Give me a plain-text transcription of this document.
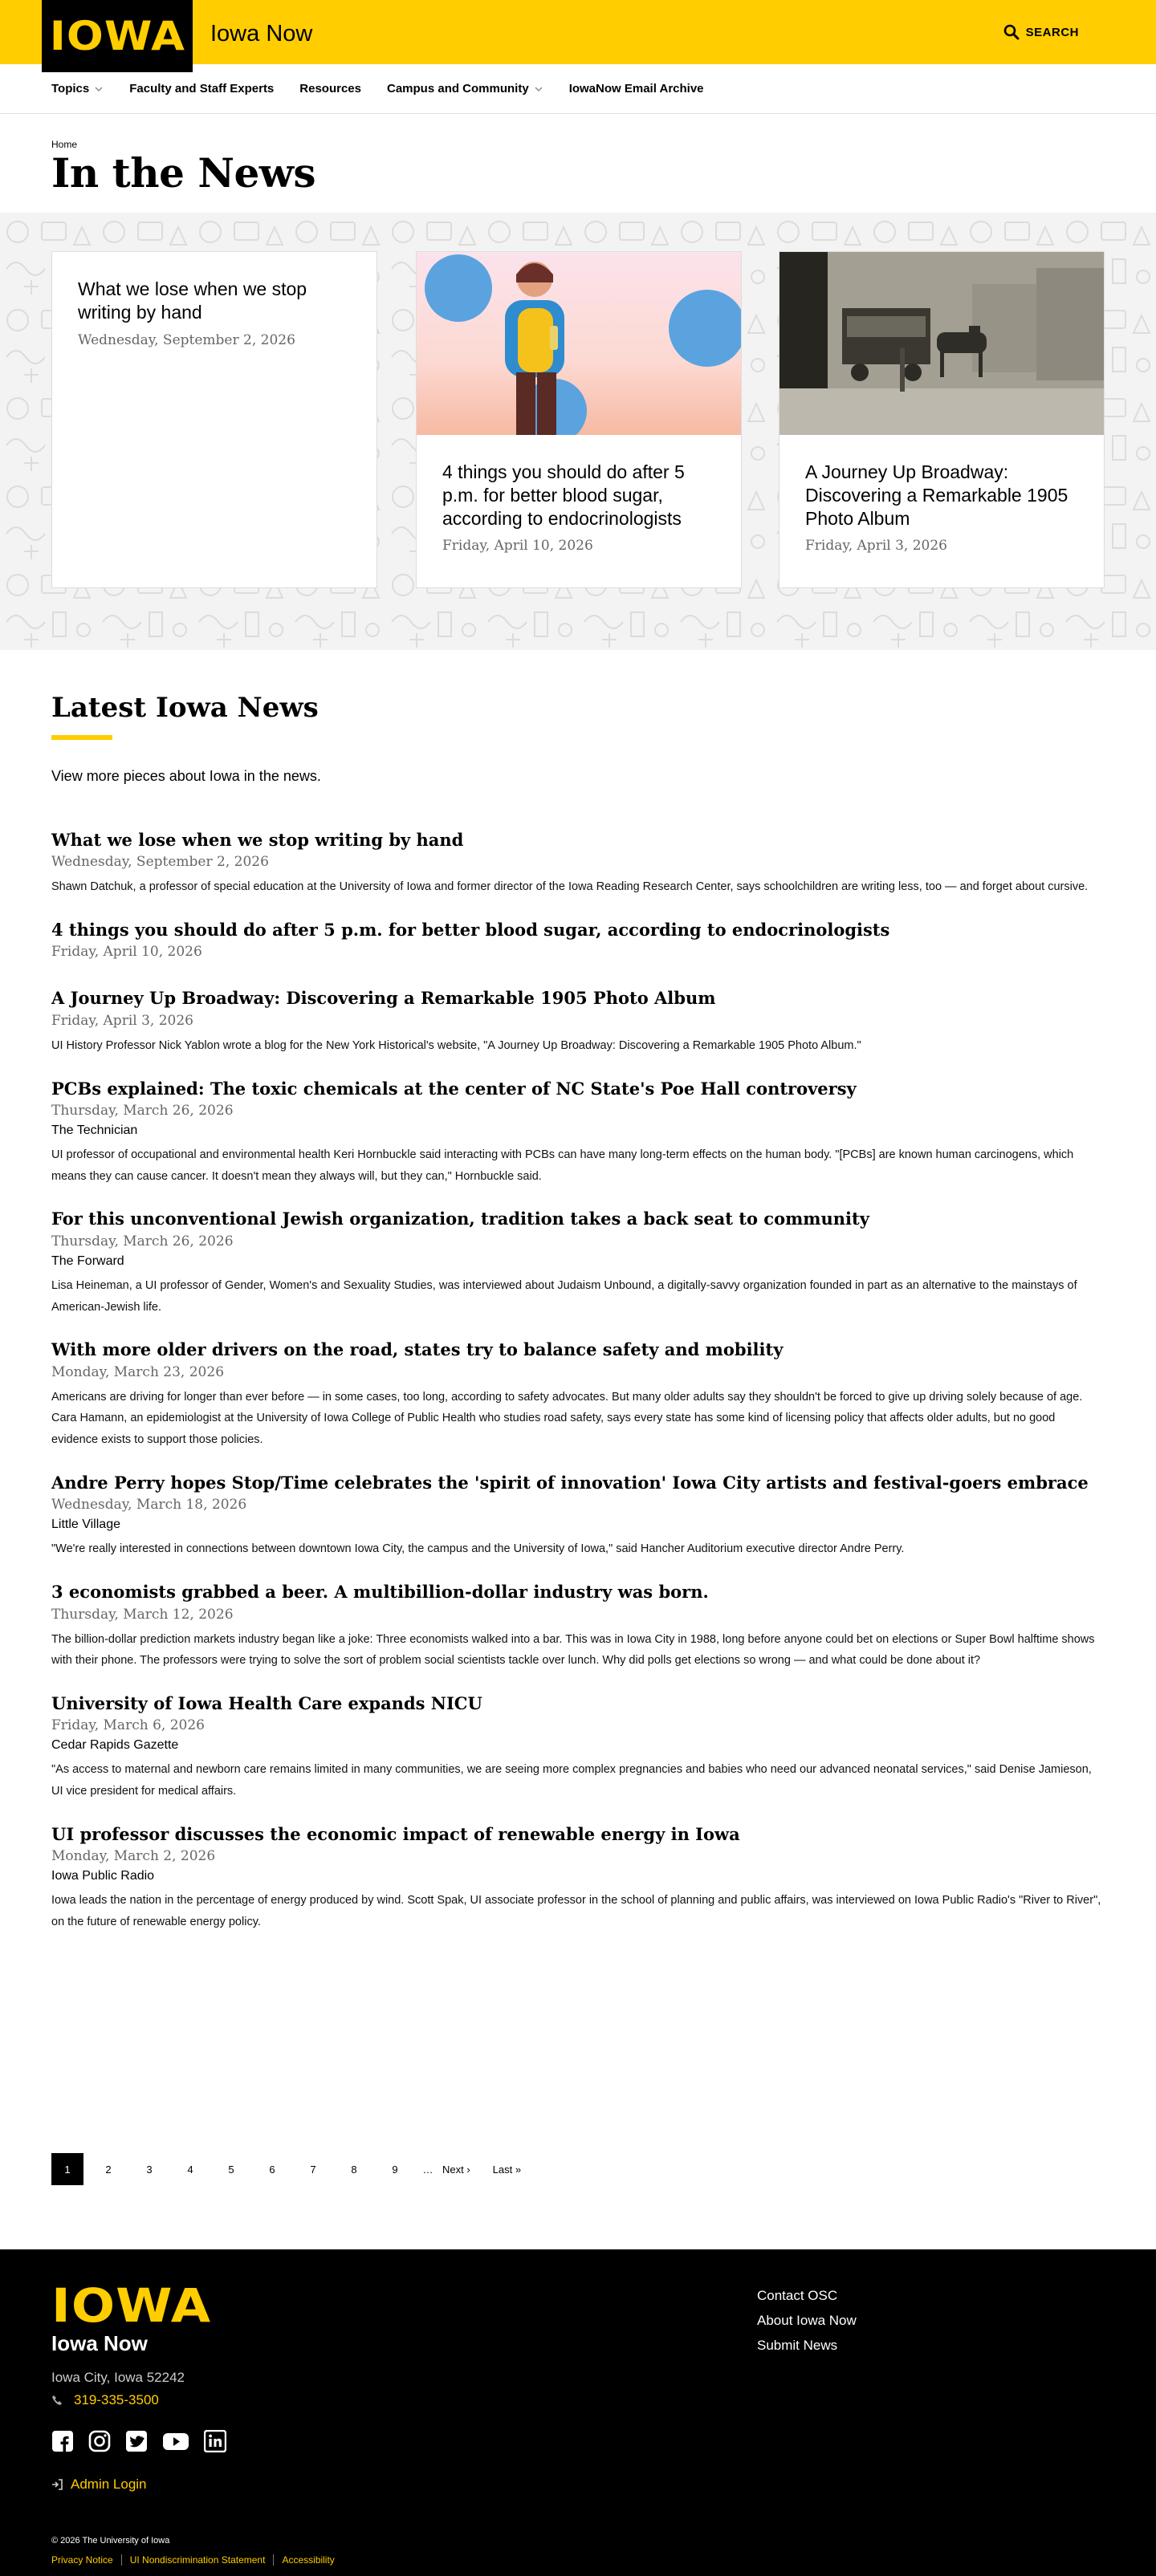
IOWA Iowa Now	SEARCH
Topics	Faculty and Staff Experts Resources Campus and Community	IowaNow Email Archive
Home
In the News
What we lose when we stop writing by hand
Wednesday, September 2, 2026
4 things you should do after 5 p.m. for better blood sugar, according to endocrinologists
Friday, April 10, 2026
A Journey Up Broadway: Discovering a Remarkable 1905 Photo Album
Friday, April 3, 2026
Latest Iowa News
View more pieces about Iowa in the news.
What we lose when we stop writing by hand
Wednesday, September 2, 2026

Shawn Datchuk, a professor of special education at the University of Iowa and former director of the Iowa Reading Research Center, says schoolchildren are writing less, too — and forget about cursive.

4 things you should do after 5 p.m. for better blood sugar, according to endocrinologists
Friday, April 10, 2026
A Journey Up Broadway: Discovering a Remarkable 1905 Photo Album
Friday, April 3, 2026

UI History Professor Nick Yablon wrote a blog for the New York Historical's website, "A Journey Up Broadway: Discovering a Remarkable 1905 Photo Album."

PCBs explained: The toxic chemicals at the center of NC State's Poe Hall controversy
Thursday, March 26, 2026
The Technician

UI professor of occupational and environmental health Keri Hornbuckle said interacting with PCBs can have many long-term effects on the human body. "[PCBs] are known human carcinogens, which means they can cause cancer. It doesn't mean they always will, but they can," Hornbuckle said.

For this unconventional Jewish organization, tradition takes a back seat to community
Thursday, March 26, 2026
The Forward

Lisa Heineman, a UI professor of Gender, Women's and Sexuality Studies, was interviewed about Judaism Unbound, a digitally-savvy organization founded in part as an alternative to the mainstays of American-Jewish life.

With more older drivers on the road, states try to balance safety and mobility
Monday, March 23, 2026

Americans are driving for longer than ever before — in some cases, too long, according to safety advocates. But many older adults say they shouldn't be forced to give up driving solely because of age. Cara Hamann, an epidemiologist at the University of Iowa College of Public Health who studies road safety, says every state has some kind of licensing policy that affects older adults, but no good evidence exists to support those policies.

Andre Perry hopes Stop/Time celebrates the 'spirit of innovation' Iowa City artists and festival-goers embrace
Wednesday, March 18, 2026
Little Village

"We're really interested in connections between downtown Iowa City, the campus and the University of Iowa," said Hancher Auditorium executive director Andre Perry.

3 economists grabbed a beer. A multibillion-dollar industry was born.
Thursday, March 12, 2026

The billion-dollar prediction markets industry began like a joke: Three economists walked into a bar. This was in Iowa City in 1988, long before anyone could bet on elections or Super Bowl halftime shows with their phone. The professors were trying to solve the sort of problem social scientists tackle over lunch. Why did polls get elections so wrong — and what could be done about it?

University of Iowa Health Care expands NICU
Friday, March 6, 2026
Cedar Rapids Gazette

"As access to maternal and newborn care remains limited in many communities, we are seeing more complex pregnancies and babies who need our advanced neonatal services," said Denise Jamieson, UI vice president for medical affairs.

UI professor discusses the economic impact of renewable energy in Iowa
Monday, March 2, 2026
Iowa Public Radio

Iowa leads the nation in the percentage of energy produced by wind. Scott Spak, UI associate professor in the school of planning and public affairs, was interviewed on Iowa Public Radio's "River to River", on the future of renewable energy policy.

1	2	3	4	5	6	7	8	9	… Next › Last »
IOWA
Iowa Now
Iowa City, Iowa 52242
319-335-3500
Admin Login
Contact OSC
About Iowa Now
Submit News
© 2026 The University of Iowa
Privacy Notice	UI Nondiscrimination Statement	Accessibility
